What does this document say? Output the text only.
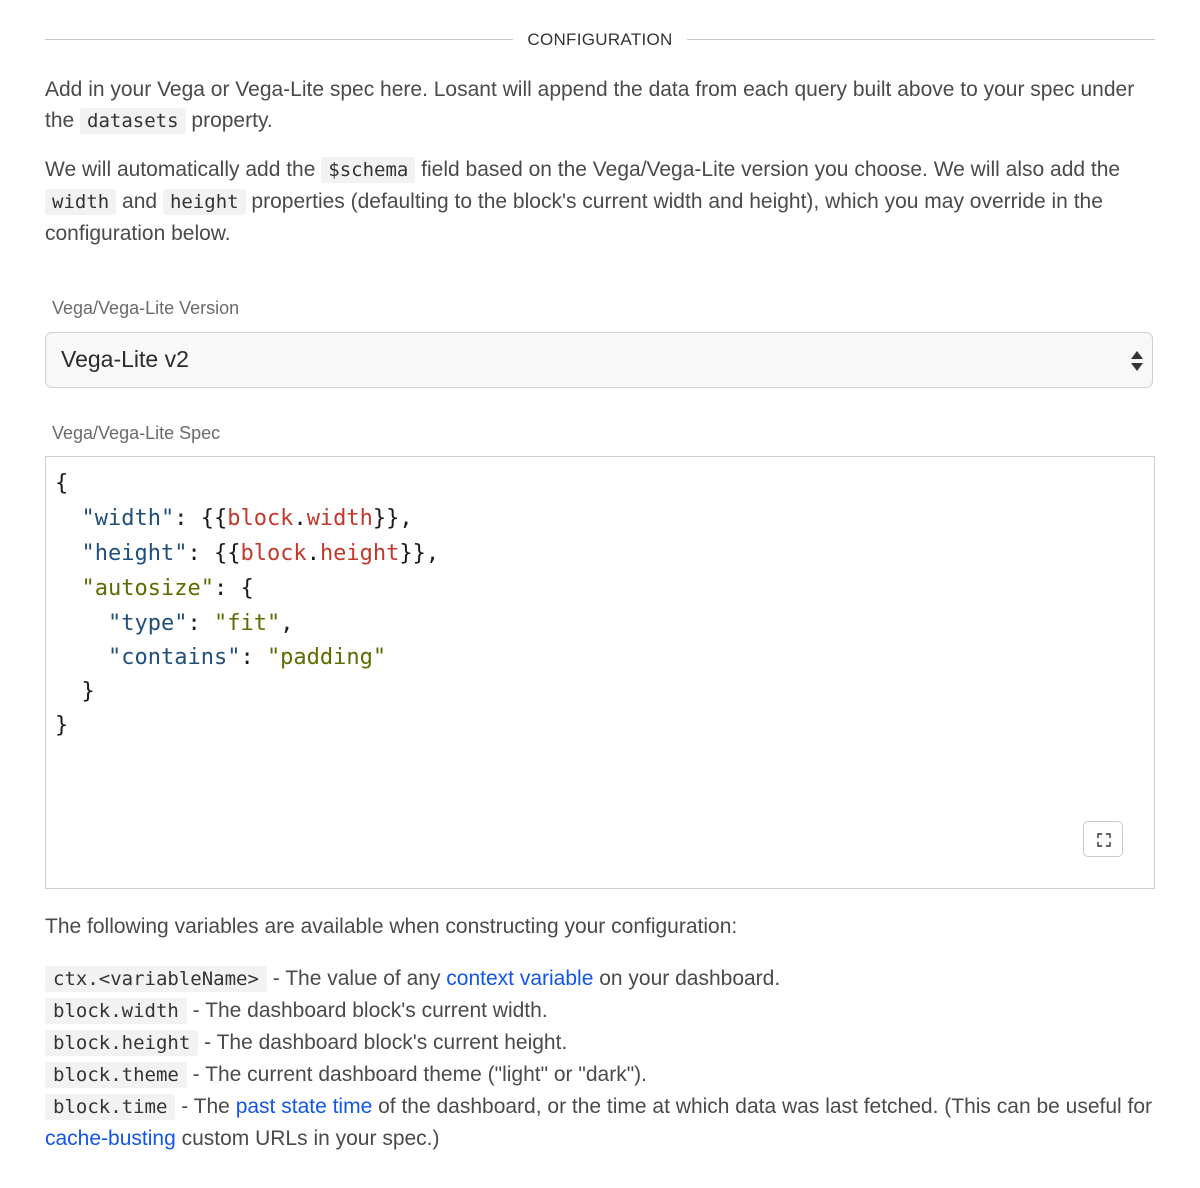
CONFIGURATION
Add in your Vega or Vega-Lite spec here. Losant will append the data from each query built above to your spec under the datasets property.
We will automatically add the $schema field based on the Vega/Vega-Lite version you choose. We will also add the width and height properties (defaulting to the block's current width and height), which you may override in the configuration below.
Vega/Vega-Lite Version
Vega-Lite v2
Vega/Vega-Lite Spec
{
"width": {{block.width}},
"height": {{block.height}},
"autosize": {
"type": "fit",
"contains": "padding"
}
}
The following variables are available when constructing your configuration:
ctx.<variableName> - The value of any context variable on your dashboard.
block.width - The dashboard block's current width.
block.height - The dashboard block's current height.
block.theme - The current dashboard theme ("light" or "dark").
block.time - The past state time of the dashboard, or the time at which data was last fetched. (This can be useful for cache-busting custom URLs in your spec.)
